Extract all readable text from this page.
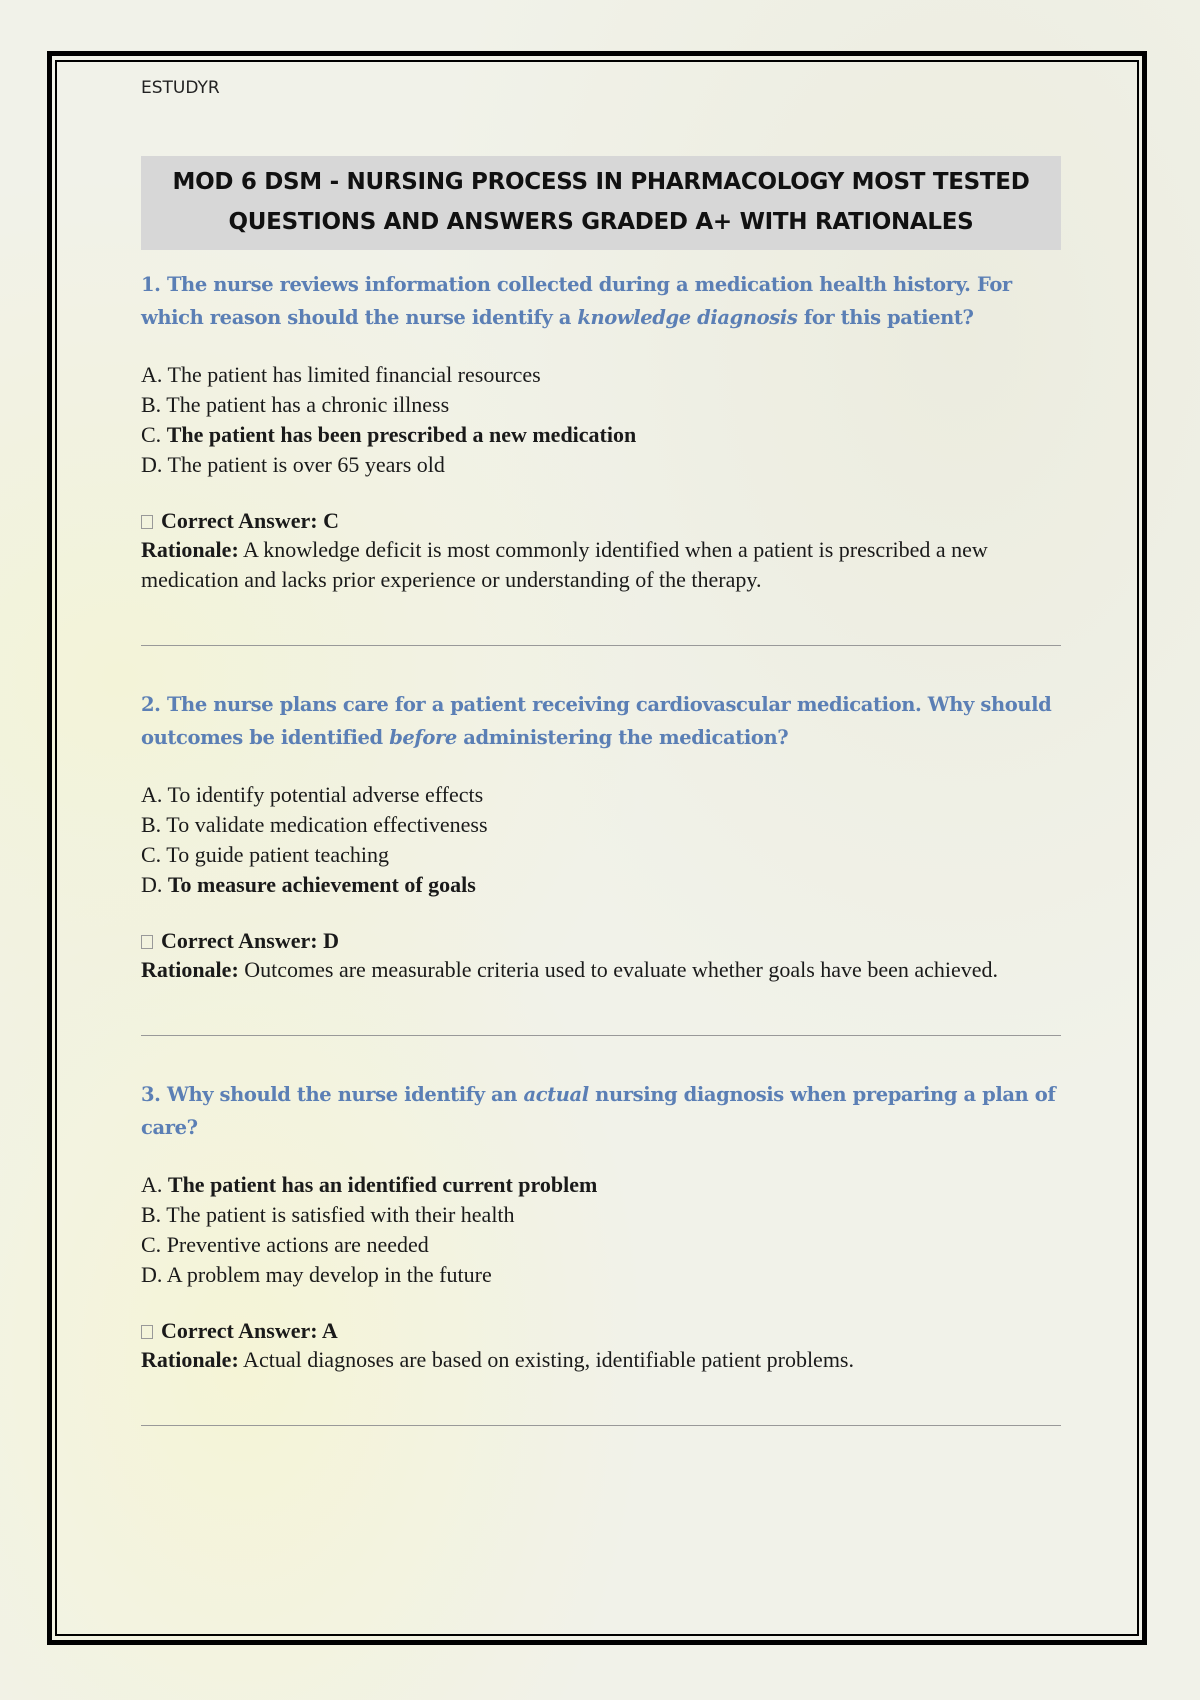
ESTUDYR
MOD 6 DSM - NURSING PROCESS IN PHARMACOLOGY MOST TESTED
QUESTIONS AND ANSWERS GRADED A+ WITH RATIONALES
1. The nurse reviews information collected during a medication health history. For which reason should the nurse identify a knowledge diagnosis for this patient?
A. The patient has limited financial resources
B. The patient has a chronic illness
C. The patient has been prescribed a new medication
D. The patient is over 65 years old
Correct Answer: C
Rationale: A knowledge deficit is most commonly identified when a patient is prescribed a new medication and lacks prior experience or understanding of the therapy.
2. The nurse plans care for a patient receiving cardiovascular medication. Why should outcomes be identified before administering the medication?
A. To identify potential adverse effects
B. To validate medication effectiveness
C. To guide patient teaching
D. To measure achievement of goals
Correct Answer: D
Rationale: Outcomes are measurable criteria used to evaluate whether goals have been achieved.
3. Why should the nurse identify an actual nursing diagnosis when preparing a plan of care?
A. The patient has an identified current problem
B. The patient is satisfied with their health
C. Preventive actions are needed
D. A problem may develop in the future
Correct Answer: A
Rationale: Actual diagnoses are based on existing, identifiable patient problems.
